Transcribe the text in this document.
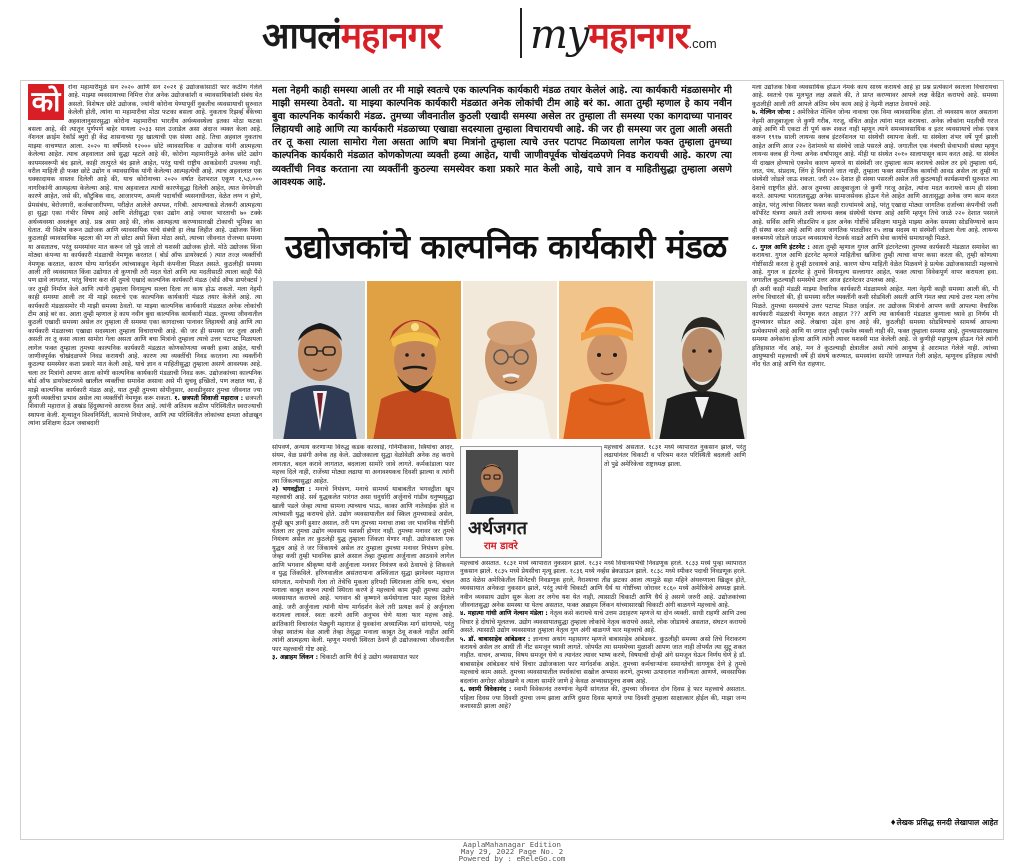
आपलंमहानगर myमहानगर.com
को	रोना महामारीमुळे सन २०२० आणि सन २०२१ हे उद्योजकांसाठी फार कठीण गेलेले आहे. माझ्या व्यवसायाच्या निमित्त रोज अनेक उद्योजकांशी व व्यावसायिकांशी संबंध येत असतो. विशेषतः छोटे उद्योजक, ज्यांनी कोरोना येण्यापूर्वी नुकतीच व्यवसायाची सुरुवात केलेली होती, त्यांना या महामारीचा मोठा फटका बसला आहे. नुकताच रिझर्व्ह बँकेच्या अहवालानुसारसुद्धा कोरोना महामारीचा भारतीय अर्थव्यवस्थेला इतका मोठा फटका बसला आहे, की त्यातून पूर्णपणे बाहेर यायला २०३३ साल उजाडेल असा अंदाज व्यक्त केला आहे. नॅशनल क्राईम रेकॉर्ड ब्युरो ही केंद्र शासनाच्या गृह खात्याची एक संस्था आहे. तिचा अहवाल नुकताच माझ्या वाचण्यात आला. २०२० या वर्षीमध्ये १२००० छोटे व्यावसायिक व उद्योजक यांनी आत्महत्या केलेल्या आहेत. त्याच अहवालात असे सुद्धा म्हटले आहे की, कोरोना महामारीमुळे अनेक छोटे उद्योग कायमस्वरूपी बंद झाले, काही तात्पुरते बंद झाले आहेत, परंतु याची राष्ट्रीय आकडेवारी उपलब्ध नाही. वरील माहिती ही फक्त छोटे उद्योग व व्यावसायिक यांनी केलेल्या आत्महत्येची आहे. त्याच अहवालात एक धक्कादायक वास्तव दिलेली आहे की, याच कोरोनाच्या २०२० वर्षात देशभरात एकूण १,५३,००० नागरिकांनी आत्महत्या केलेल्या आहे. याच अहवालात त्याची कारणेसुद्धा दिलेली आहेत, त्यात वेगवेगळी कारणे आहेत, जसे की, कौटुंबिक वाद, आजारपण, अमली पदार्थांची व्यसनाधीनता, वेळेत लग्न न होणे, प्रेमसंबंध, बेरोजगारी, कर्जबाजारीपणा, परीक्षेत आलेले अपयश, गरिबी. आपल्याकडे शेतकरी आत्महत्या हा सुद्धा एका गंभीर विषय आहे आणि शेतीसुद्धा एका उद्योग आहे ज्यावर भारताची ७० टक्के अर्थव्यवस्था अवलंबून आहे. प्रश्न असा आहे की, लोक आत्महत्या करण्यासारखी टोकाची भूमिका का घेतात. मी विशेष करून उद्योजक आणि व्यावसायिक यांचे संबंधी हा लेख लिहीत आहे. उद्योजक किंवा कुठलाही व्यावसायिक म्हटला की मग तो छोटा असो किंवा मोठा असो, त्याच्या जीवनात रोजच्या समस्या या असतातच, परंतु समस्यांवर मात करून जो पुढे जातो तो यशस्वी उद्योजक होतो. मोठे उद्योजक किंवा मोठ्या कंपन्या या कार्यकारी मंडळाची नेमणूक करतात ( बोर्ड ऑफ डायरेक्टर्स ) त्यात तज्ज्ञ व्यक्तींची नेमणूक करतात, कारण योग्य मार्गदर्शन त्यांच्याकडून नेहमी कंपनीला मिळत असते. कुठलीही समस्या आली तरी व्यवसायात किंवा उद्योगात तो कुणाची तरी मदत घेतो आणि त्या मदतीसाठी त्याला काही पैसे पण द्यावे लागतात, परंतु विचार करा की तुमचे एखादे काल्पनिक कार्यकारी मंडळ (बोर्ड ऑफ डायरेक्टर्स ) जर तुम्ही निर्माण केले आणि त्यांनी तुम्हाला विनामूल्य सल्ला दिला तर काय होऊ शकतो. मला नेहमी काही समस्या आली तर मी माझे स्वतःचे एक काल्पनिक कार्यकारी मंडळ तयार केलेले आहे. त्या कार्यकारी मंडळासमोर मी माझी समस्या ठेवतो. या माझ्या काल्पनिक कार्यकारी मंडळात अनेक लोकांची टीम आहे बरं का. आता तुम्ही म्हणाल हे काय नवीन बुवा काल्पनिक कार्यकारी मंडळ. तुमच्या जीवनातील कुठली एखादी समस्या असेल तर तुम्हाला ती समस्या एका कागदाच्या पानावर लिहायची आहे आणि त्या कार्यकारी मंडळाच्या एखाद्या सदस्याला तुम्हाला विचारायची आहे. की जर ही समस्या जर तुला आली असती तर तू कसा त्याला सामोरा गेला असता आणि बघा मित्रांनो तुम्हाला त्याचे उत्तर पटापट मिळायला लागेल फक्त तुम्हाला तुमच्या काल्पनिक कार्यकारी मंडळात कोणकोणत्या व्यक्ती हव्या आहेत, याची जाणीवपूर्वक चोखंदळपणे निवड करायची आहे. कारण त्या व्यक्तींची निवड करताना त्या व्यक्तींनी कुठल्या समस्येवर कशा प्रकारे मात केली आहे, याचे ज्ञान व माहितीसुद्धा तुम्हाला असणे आवश्यक आहे. चला तर मित्रांनो आपण आता कोणी काल्पनिक कार्यकारी मंडळाची निवड करू. उद्योजकांच्या काल्पनिक बोर्ड ऑफ डायरेक्टरमध्ये खालील व्यक्तींचा समावेश असावा असे मी सुचवू इच्छितो, पण लक्षात घ्या, हे माझे काल्पनिक कार्यकारी मंडळ आहे, यात तुम्ही तुमच्या सोयीनुसार, आवडीनुसार तुमचा जीवनात ज्या कुणी व्यक्तीचा प्रभाव असेल त्या व्यक्तींची नेमणूक करू शकता. १. छत्रपती शिवाजी महाराज : छत्रपती शिवाजी महाराज हे अखंड हिंदुस्थानचे आराध्य दैवत आहे. त्यांनी अतिशय कठीण परिस्थितीत स्वराज्याची स्थापना केली. शून्यातून विश्वनिर्मिती, कामाचे नियोजन, आणि त्या परिस्थितीत लोकांच्या क्षमता ओळखून त्यांना प्रशिक्षण देऊन जबाबदारी
मला नेहमी काही समस्या आली तर मी माझे स्वतःचे एक काल्पनिक कार्यकारी मंडळ तयार केलेलं आहे. त्या कार्यकारी मंडळासमोर मी माझी समस्या ठेवतो. या माझ्या काल्पनिक कार्यकारी मंडळात अनेक लोकांची टीम आहे बरं का. आता तुम्ही म्हणाल हे काय नवीन बुवा काल्पनिक कार्यकारी मंडळ. तुमच्या जीवनातील कुठली एखादी समस्या असेल तर तुम्हाला ती समस्या एका कागदाच्या पानावर लिहायची आहे आणि त्या कार्यकारी मंडळाच्या एखाद्या सदस्याला तुम्हाला विचारायची आहे. की जर ही समस्या जर तुला आली असती तर तू कसा त्याला सामोरा गेला असता आणि बघा मित्रांनो तुम्हाला त्याचे उत्तर पटापट मिळायला लागेल फक्त तुम्हाला तुमच्या काल्पनिक कार्यकारी मंडळात कोणकोणत्या व्यक्ती हव्या आहेत, याची जाणीवपूर्वक चोखंदळपणे निवड करायची आहे. कारण त्या व्यक्तींची निवड करताना त्या व्यक्तींनी कुठल्या समस्येवर कशा प्रकारे मात केली आहे, याचे ज्ञान व माहितीसुद्धा तुम्हाला असणे आवश्यक आहे.
उद्योजकांचे काल्पनिक कार्यकारी मंडळ
सोपवणे, अन्याय करणाऱ्या विरुद्ध कडक कारवाई, गनिमीकावा, स्त्रियांचा आदर, संयम, वेळ प्रसंगी अनेक तह केले. उद्योजकाला सुद्धा वेळोवेळी अनेक तह करावे लागतात, बदल करावे लागतात, बदलाला सामोरे जावे लागते. कर्मकांडाला फार महत्त्व दिले नाही, राजेंच्या मोठ्या लढाया या अनावश्यकच दिवशी झाल्या व त्यांनी त्या जिंकल्यासुद्धा आहेत.
२) भगवद्गीता : मनाचे नियंत्रण, मनाचे सामर्थ्य याबाबतीत भगवद्गीता खूप महत्त्वाची आहे. सर्व युद्धकलेत पारंगत असा धनुर्धारी अर्जुनाचे गांडीव धनुष्यसुद्धा खाली पडले जेव्हा त्याचा सामना त्याच्याच भाऊ, काका आणि नातेवाईक होते व त्यांच्याशी युद्ध करायचे होते. उद्योग व्यवसायातील सर्व स्किल तुमच्याकडे असेल, तुम्ही खूप ज्ञानी हुशार असाल, तरी पण तुमच्या मनाचा ताबा जर भावनिक गोष्टींनी घेतला तर तुमचा उद्योग व्यवसाय यशस्वी होणार नाही. तुमच्या मनावर जर तुमचे नियंत्रण असेल तर कुठलेही युद्ध तुम्हाला जिंकता येणार नाही. उद्योजकाला एक युद्धच आहे ते जर जिंकायचे असेल तर तुम्हाला तुमच्या मनावर नियंत्रण हवेच. जेव्हा कधी तुम्ही भावनिक झाले असाल तेव्हा तुम्हाला अर्जुनाला आठवावे लागेल आणि भगवान श्रीकृष्ण यांनी अर्जुनाला मनावर नियंत्रण कसे ठेवायचे हे शिकवले व युद्ध जिंकविले. हरिणवालील असंतरापाना अश्विंजात सुद्धा झानेश्वर महाराज सांगतात, मनोभावी गेला तो तेथेचि मुकला हरिपदी स्थिरावला तोचि धन्य, चंचल मनाला काबूत करून त्याची स्थिरता करणे हे महत्त्वाचे काम तुम्ही तुमच्या उद्योग व्यवसायात करायचे आहे. भगवान श्री कृष्णाने कर्मयोगाला फार महत्त्व दिलेले आहे. जरी अर्जुनाला त्यांनी योग्य मार्गदर्शन केले तरी प्रत्यक्ष कर्म हे अर्जुनाला करायला लावले. स्वतः करणे आणि अनुभव घेणे याला फार महत्त्व आहे. क्रांतिकारी विचारवंत पेठ्युनी महाराज हे युवकांना अध्यात्मिक मार्ग सांगायचे, परंतु जेव्हा स्वातंत्र्य वेळ आली तेव्हा तेसुद्धा मनाला काबूत ठेवू शकले नाहीत आणि त्यांनी आत्महत्या केली. म्हणून मनाची स्थिरता ठेवणे ही उद्योजकाच्या जीवनातील फार महत्त्वाची गोष्ट आहे.
३. अब्राहम लिंकन : चिकाटी आणि धैर्य हे उद्योग व्यवसायात फार
अर्थजगत
राम डावरे
महत्त्वाचे असतात. १८३१ मध्ये व्यापारात नुकसान झाले, परंतु लढायांनंतर चिकाटी व परिश्रम करत परिस्थिती बदलली आणि तो पुढे अमेरिकेचा राष्ट्राध्यक्ष झाला.
महत्त्वाचे असतात. १८३१ मध्ये व्यापारात नुकसान झाले. १८३२ मध्ये विधानसभेची निवडणूक हरले. १८३३ मध्ये पुन्हा व्यापारात नुकसान झाले. १८३५ मध्ये प्रेयसीचा मृत्यू झाला. १८३६ मध्ये नर्व्हस ब्रेकडाऊन झाले. १८३८ मध्ये स्पीकर पदाची निवडणूक हरले. आठ वेळेस अमेरिकेतील सिनेटची निवडणूक हरले, नैराश्याचा तीव्र झटका आला त्यामुळे सहा महिने अंथरुणाला खिळून होते, व्यवसायात अनेकदा नुकसान झाले, परंतु त्यांनी चिकाटी आणि धैर्य या गोष्टींच्या जोरावर १८६० मध्ये अमेरिकेचे अध्यक्ष झाले. नवीन व्यवसाय उद्योग सुरू केला तर लगेच यश येत नाही, त्यासाठी चिकाटी आणि धैर्य हे असणे जरुरी आहे. उद्योजकांच्या जीवनातसुद्धा अनेक समस्या या येतच असतात, फक्त अब्राहम लिंकन यांच्यासारखी चिकाटी अंगी बाळगणे महत्त्वाचे आहे.
४. महात्मा गांधी आणि नेल्सन मंडेला : नेतृत्व कसे करायचे याचे उत्तम उदाहरण म्हणजे या दोन व्यक्ती. साधी राहणी आणि उच्च विचार हे दोघांचे मूलतत्त्व. उद्योग व्यवसायातसुद्धा तुम्हाला लोकांचे नेतृत्व करायचे असते, लोक जोडायचे असतात, संघटन करायचे असते. त्यासाठी उद्योग व्यवसायात तुम्हाला नेतृत्व गुण अंगी बाळगणे फार महत्त्वाचे आहे.
५. डॉ. बाबासाहेब आंबेडकर : ज्ञानाचा अथांग महासागर म्हणजे बाबासाहेब आंबेडकर. कुठलीही समस्या असो तिचे निराकरण करायचे असेल तर आधी ती नीट समजून घ्यावी लागते. जोपर्यंत त्या समस्येच्या मुळाशी आपण जात नाही तोपर्यंत त्या सुटू शकत नाहीत. वाचन, अभ्यास, विषय समजून घेणे व त्यानंतर त्यावर भाष्य करणे, विषयाची दोन्ही अंगे समजून घेऊन निर्णय घेणे हे डॉ. बाबासाहेब आंबेडकर यांचे विचार उद्योजकाला फार मार्गदर्शक आहेत. तुमच्या कर्मचाऱ्यांना समानतेची वागणूक देणे हे तुमचे महत्त्वाचे काम असते. तुमच्या व्यवसायातील स्पर्धकांचा सखोल अभ्यास करणे, तुमच्या उत्पादनात नावीन्यता आणणे, व्यवसायिक बदलांना अगोदर ओळखणे व त्याला सामोरे जाणे हे केवळ अभ्यासातूनच शक्य आहे.
६. स्वामी विवेकानंद : स्वामी विवेकानंद तरुणांना नेहमी सांगतात की, तुमच्या जीवनात दोन दिवस हे फार महत्त्वाचे असतात. पहिला दिवस ज्या दिवशी तुमचा जन्म झाला आणि दुसरा दिवस म्हणजे ज्या दिवशी तुम्हाला साक्षात्कार होईल की, माझा जन्म कशासाठी झाला आहे?
मला उद्योजक किंवा व्यवसायिक होऊन नेमके काय साध्य करायचे आहे हा प्रश्न प्रत्येकाने स्वतःला विचारायचा आहे. स्वतःचे एक मूलभूत लक्ष असले की, ते प्राप्त करण्यावर आपले लक्ष केंद्रित करायचे आहे. समस्या कुठलीही आली तरी आपले अंतिम ध्येय काय आहे हे नेहमी लक्षात ठेवायचे आहे.
७. मेल्विन जोन्स : अमेरिकेत मेल्विन जोन्स नावाचा एक विमा व्यावसायिक होता. तो व्यवसाय करत असताना नेहमी आजूबाजूला जे कुणी गरीब, गरजू, वंचित आहेत त्यांना मदत करायचा. अनेक लोकांना मदतीची गरज आहे आणि मी एकटा ती पूर्ण करू शकत नाही म्हणून त्याने समव्यावसायिक व इतर व्यवसायाचे लोक एकत्र करून १९१७ साली लायन्स क्लब इंटरनॅशनल या संस्थेची स्थापना केली. या संस्थेला शंभर वर्षे पूर्ण झाली आहेत आणि आज २२० देशांमध्ये या संस्थेचे जाळे पसरले आहे. जगातील एक नंबरची सेवाभावी संस्था म्हणून लायन्स क्लब ही गेल्या अनेक वर्षांपासून आहे. मीही या संस्थेत २०१० सालापासून काम करत आहे. या संस्थेत मी दाखल होण्याचे एकमेव कारण म्हणजे या संस्थेशी जर तुम्हाला काम करायचे असेल तर इथे तुम्हाला धर्म, जात, पंथ, संप्रदाय, लिंग हे विचारले जात नाही, तुम्हाला फक्त सामाजिक कार्याची आवड असेल तर तुम्ही या संस्थेशी जोडले जाऊ शकता. जरी २२० देशात ही संस्था पसरली असेल तरी कुठल्याही कार्यक्रमाची सुरुवात त्या देशाचे राष्ट्रगीत होते. आज तुमच्या आजूबाजूला जे कुणी गरजू आहेत, त्यांना मदत करायचे काम ही संस्था करते. आपल्या भारतातसुद्धा अनेक सामाजसेवक होऊन गेले आहेत आणि आतासुद्धा अनेक जण काम करत आहेत, परंतु त्यांचा विस्तार फक्त काही राज्यांमध्ये आहे, परंतु एखादा मोठ्या जागतिक दर्जाच्या कंपनीची जशी कॉर्पोरेट यंत्रणा असते तशी लायन्स क्लब संस्थेची यंत्रणा आहे आणि म्हणून तिचे जाळे २२० देशात पसरले आहे. सर्विस आणि लीडरशिप व इतर अनेक गोष्टींचे प्रशिक्षण यामुळे माझ्या अनेक समस्या सोडविण्याचे काम ही संस्था करत आहे आणि आज जागतिक पातळीवर १५ लाख सदस्य या संस्थेशी जोडला गेला आहे. लायन्स क्लबमध्ये जोडले जाऊन व्यवसायाचे नेटवर्क वाढते आणि सेवा कार्याचे समाधानही मिळते.
८. गुगल आणि इंटरनेट : आता तुम्ही म्हणाल गुगल आणि इंटरनेटच्या तुमच्या कार्यकारी मंडळात समावेश का करायचा. गुगल आणि इंटरनेट म्हणजे माहितीचा खजिना तुम्ही त्याचा वापर कसा करता की, तुम्ही कोणत्या गोष्टींसाठी करता हे तुम्ही ठरवायचे आहे. कारण योग्य माहिती वेळेत मिळवणे हे प्रत्येक उद्योजकासाठी महत्त्वाचे आहे. गुगल व इंटरनेट हे तुमचे विनामूल्य सल्लागार आहेत, फक्त त्याचा विवेकपूर्ण वापर करायला हवा. जगातील कुठल्याही समस्येचे उत्तर आज इंटरनेटवर उपलब्ध आहे.
ही अशी काही मंडळी माझ्या वैचारिक कार्यकारी मंडळामध्ये आहेत. मला नेहमी काही समस्या आली की, मी लगेच विचारतो की, ही समस्या वरील व्यक्तींनी कशी सोडविली असती आणि गंमत बघा त्याचे उत्तर मला लगेच मिळते. तुमच्या समस्यांचे उत्तर पटापट मिळत जाईल. तर उद्योजक मित्रांनो आपण कधी आपल्या वैचारिक कार्यकारी मंडळाची नेमणूक करत आहात ??? आणि त्या कार्यकारी मंडळात कुणाला घ्यावे हा निर्णय मी तुमच्यावर सोडत आहे. लेखाचा उद्देश हाच आहे की, कुठलीही समस्या सोडविण्याचे सामर्थ्य आपल्या प्रत्येकामध्ये आहे आणि या जगात तुम्ही एकमेव व्यक्ती नाही की, फक्त तुम्हाला समस्या आहे, तुमच्यासारख्याच समस्या अनेकांना होत्या आणि त्यांनी त्यावर यशस्वी मात केलेली आहे. जे कुणीही महापुरुष होऊन गेले त्यांनी इतिहासात नोंद आहे, मन ते कुठल्याही क्षेत्रातील असो त्यांचे आयुष्य हे आरामात गेलेले नाही. त्यांच्या आयुष्याची महत्त्वाची वर्षे ही संघर्ष करण्यात, समस्यांना सामोरे जाण्यात गेली आहेत, म्हणूनच इतिहास त्यांची नोंद घेत आहे आणि घेत राहणार.
♦लेखक प्रसिद्ध सनदी लेखापाल आहेत
AaplaMahanagar Edition
May 29, 2022 Page No. 2
Powered by : eReleGo.com
